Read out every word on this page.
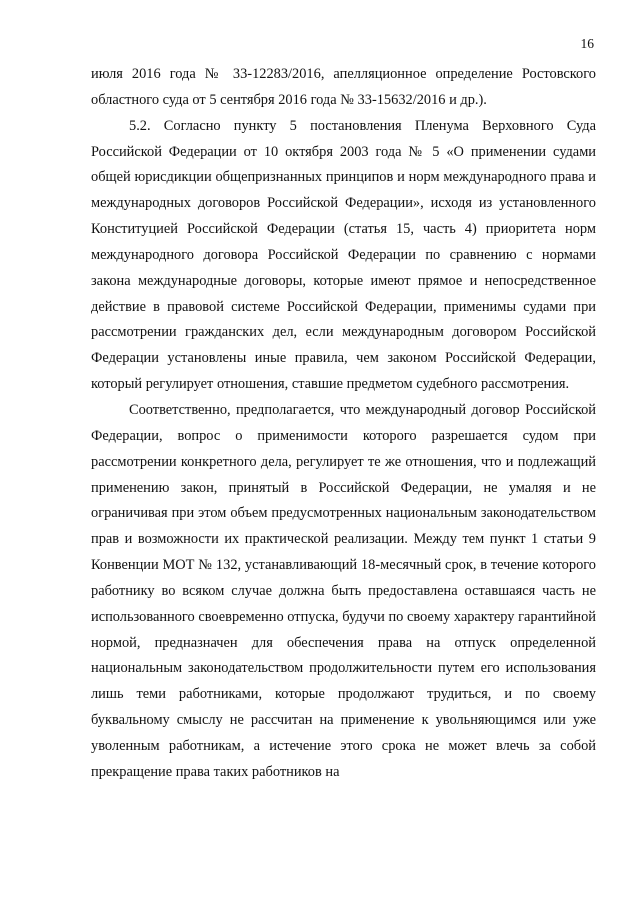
16

июля 2016 года № 33-12283/2016, апелляционное определение Ростовского областного суда от 5 сентября 2016 года № 33-15632/2016 и др.).

5.2. Согласно пункту 5 постановления Пленума Верховного Суда Российской Федерации от 10 октября 2003 года № 5 «О применении судами общей юрисдикции общепризнанных принципов и норм международного права и международных договоров Российской Федерации», исходя из установленного Конституцией Российской Федерации (статья 15, часть 4) приоритета норм международного договора Российской Федерации по сравнению с нормами закона международные договоры, которые имеют прямое и непосредственное действие в правовой системе Российской Федерации, применимы судами при рассмотрении гражданских дел, если международным договором Российской Федерации установлены иные правила, чем законом Российской Федерации, который регулирует отношения, ставшие предметом судебного рассмотрения.

Соответственно, предполагается, что международный договор Российской Федерации, вопрос о применимости которого разрешается судом при рассмотрении конкретного дела, регулирует те же отношения, что и подлежащий применению закон, принятый в Российской Федерации, не умаляя и не ограничивая при этом объем предусмотренных национальным законодательством прав и возможности их практической реализации. Между тем пункт 1 статьи 9 Конвенции МОТ № 132, устанавливающий 18-месячный срок, в течение которого работнику во всяком случае должна быть предоставлена оставшаяся часть не использованного своевременно отпуска, будучи по своему характеру гарантийной нормой, предназначен для обеспечения права на отпуск определенной национальным законодательством продолжительности путем его использования лишь теми работниками, которые продолжают трудиться, и по своему буквальному смыслу не рассчитан на применение к увольняющимся или уже уволенным работникам, а истечение этого срока не может влечь за собой прекращение права таких работников на
